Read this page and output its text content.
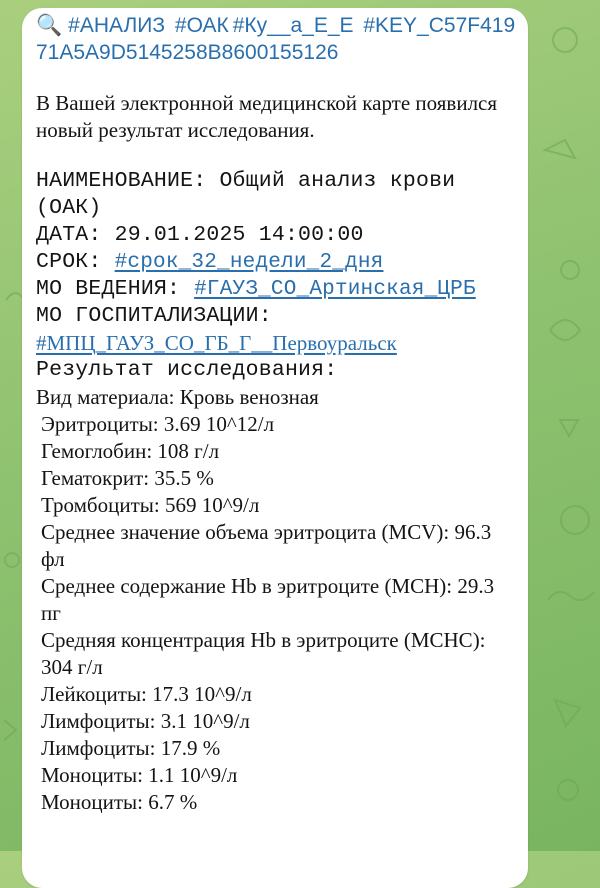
🔍 #АНАЛИЗ #ОАК #Ку__а_Е_Е #KEY_C57F41971A5A9D5145258B8600155126
В Вашей электронной медицинской карте появился новый результат исследования.
НАИМЕНОВАНИЕ: Общий анализ крови (ОАК)
ДАТА: 29.01.2025 14:00:00
СРОК: #срок_32_недели_2_дня
МО ВЕДЕНИЯ: #ГАУЗ_СО_Артинская_ЦРБ
МО ГОСПИТАЛИЗАЦИИ:
#МПЦ_ГАУЗ_СО_ГБ_Г__Первоуральск
Результат исследования:
Вид материала: Кровь венозная
Эритроциты: 3.69 10^12/л
Гемоглобин: 108 г/л
Гематокрит: 35.5 %
Тромбоциты: 569 10^9/л
Среднее значение объема эритроцита (MCV): 96.3 фл
Среднее содержание Hb в эритроците (MCH): 29.3 пг
Средняя концентрация Hb в эритроците (MCHC): 304 г/л
Лейкоциты: 17.3 10^9/л
Лимфоциты: 3.1 10^9/л
Лимфоциты: 17.9 %
Моноциты: 1.1 10^9/л
Моноциты: 6.7 %
